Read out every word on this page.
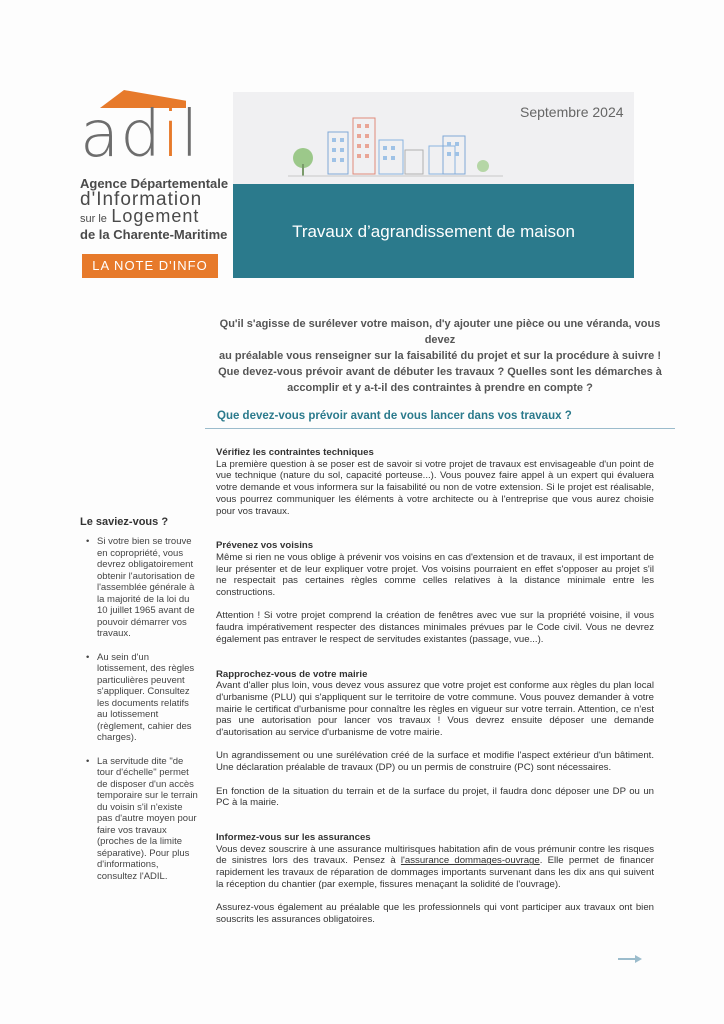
adil
Agence Départementale
d'Information
sur le Logement
de la Charente-Maritime
LA NOTE D'INFO
Septembre 2024
Travaux d’agrandissement de maison
Qu'il s'agisse de surélever votre maison, d'y ajouter une pièce ou une véranda, vous devez
au préalable vous renseigner sur la faisabilité du projet et sur la procédure à suivre !
Que devez-vous prévoir avant de débuter les travaux ? Quelles sont les démarches à
accomplir et y a-t-il des contraintes à prendre en compte ?
Que devez-vous prévoir avant de vous lancer dans vos travaux ?
Le saviez-vous ?
• Si votre bien se trouve en copropriété, vous devrez obligatoirement obtenir l'autorisation de l'assemblée générale à la majorité de la loi du 10 juillet 1965 avant de pouvoir démarrer vos travaux.
• Au sein d'un lotissement, des règles particulières peuvent s'appliquer. Consultez les documents relatifs au lotissement (règlement, cahier des charges).
• La servitude dite "de tour d'échelle" permet de disposer d'un accès temporaire sur le terrain du voisin s'il n'existe pas d'autre moyen pour faire vos travaux (proches de la limite séparative). Pour plus d'informations, consultez l'ADIL.
Vérifiez les contraintes techniques

La première question à se poser est de savoir si votre projet de travaux est envisageable d'un point de vue technique (nature du sol, capacité porteuse...). Vous pouvez faire appel à un expert qui évaluera votre demande et vous informera sur la faisabilité ou non de votre extension. Si le projet est réalisable, vous pourrez communiquer les éléments à votre architecte ou à l'entreprise que vous aurez choisie pour vos travaux.

Prévenez vos voisins

Même si rien ne vous oblige à prévenir vos voisins en cas d'extension et de travaux, il est important de leur présenter et de leur expliquer votre projet. Vos voisins pourraient en effet s'opposer au projet s'il ne respectait pas certaines règles comme celles relatives à la distance minimale entre les constructions.

Attention ! Si votre projet comprend la création de fenêtres avec vue sur la propriété voisine, il vous faudra impérativement respecter des distances minimales prévues par le Code civil. Vous ne devrez également pas entraver le respect de servitudes existantes (passage, vue...).

Rapprochez-vous de votre mairie

Avant d'aller plus loin, vous devez vous assurez que votre projet est conforme aux règles du plan local d'urbanisme (PLU) qui s'appliquent sur le territoire de votre commune. Vous pouvez demander à votre mairie le certificat d'urbanisme pour connaître les règles en vigueur sur votre terrain. Attention, ce n'est pas une autorisation pour lancer vos travaux ! Vous devrez ensuite déposer une demande d'autorisation au service d'urbanisme de votre mairie.

Un agrandissement ou une surélévation créé de la surface et modifie l'aspect extérieur d'un bâtiment. Une déclaration préalable de travaux (DP) ou un permis de construire (PC) sont nécessaires.

En fonction de la situation du terrain et de la surface du projet, il faudra donc déposer une DP ou un PC à la mairie.

Informez-vous sur les assurances

Vous devez souscrire à une assurance multirisques habitation afin de vous prémunir contre les risques de sinistres lors des travaux. Pensez à l'assurance dommages-ouvrage. Elle permet de financer rapidement les travaux de réparation de dommages importants survenant dans les dix ans qui suivent la réception du chantier (par exemple, fissures menaçant la solidité de l'ouvrage).

Assurez-vous également au préalable que les professionnels qui vont participer aux travaux ont bien souscrits les assurances obligatoires.
